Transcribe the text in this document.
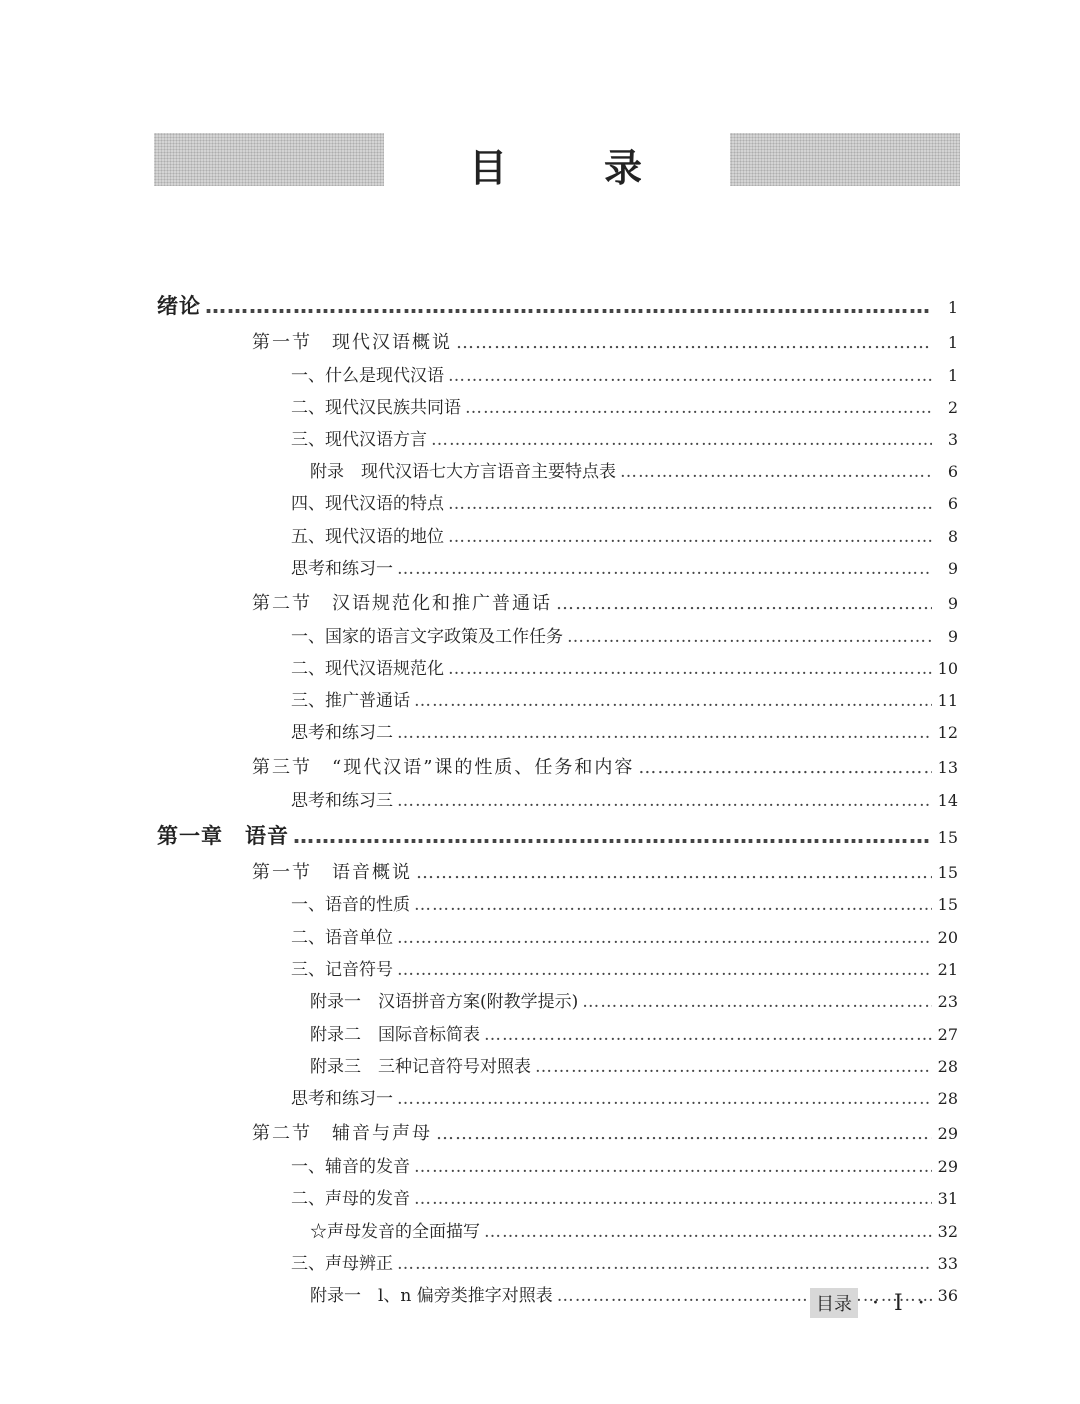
目	录
绪论 ………………………………………………………………………………………………………………………………………………………………………………………………	1
第一节　现代汉语概说 ………………………………………………………………………………………………………………………………………………………………………………………………	1
一、什么是现代汉语 ………………………………………………………………………………………………………………………………………………………………………………………………	1
二、现代汉民族共同语 ………………………………………………………………………………………………………………………………………………………………………………………………	2
三、现代汉语方言 ………………………………………………………………………………………………………………………………………………………………………………………………	3
附录　现代汉语七大方言语音主要特点表 ………………………………………………………………………………………………………………………………………………………………………………………………	6
四、现代汉语的特点 ………………………………………………………………………………………………………………………………………………………………………………………………	6
五、现代汉语的地位 ………………………………………………………………………………………………………………………………………………………………………………………………	8
思考和练习一 ………………………………………………………………………………………………………………………………………………………………………………………………	9
第二节　汉语规范化和推广普通话 ………………………………………………………………………………………………………………………………………………………………………………………………	9
一、国家的语言文字政策及工作任务 ………………………………………………………………………………………………………………………………………………………………………………………………	9
二、现代汉语规范化 ………………………………………………………………………………………………………………………………………………………………………………………………	10
三、推广普通话 ………………………………………………………………………………………………………………………………………………………………………………………………	11
思考和练习二 ………………………………………………………………………………………………………………………………………………………………………………………………	12
第三节　“现代汉语”课的性质、任务和内容 ………………………………………………………………………………………………………………………………………………………………………………………………	13
思考和练习三 ………………………………………………………………………………………………………………………………………………………………………………………………	14
第一章　语音 ………………………………………………………………………………………………………………………………………………………………………………………………	15
第一节　语音概说 ………………………………………………………………………………………………………………………………………………………………………………………………	15
一、语音的性质 ………………………………………………………………………………………………………………………………………………………………………………………………	15
二、语音单位 ………………………………………………………………………………………………………………………………………………………………………………………………	20
三、记音符号 ………………………………………………………………………………………………………………………………………………………………………………………………	21
附录一　汉语拼音方案(附教学提示) ………………………………………………………………………………………………………………………………………………………………………………………………	23
附录二　国际音标简表 ………………………………………………………………………………………………………………………………………………………………………………………………	27
附录三　三种记音符号对照表 ………………………………………………………………………………………………………………………………………………………………………………………………	28
思考和练习一 ………………………………………………………………………………………………………………………………………………………………………………………………	28
第二节　辅音与声母 ………………………………………………………………………………………………………………………………………………………………………………………………	29
一、辅音的发音 ………………………………………………………………………………………………………………………………………………………………………………………………	29
二、声母的发音 ………………………………………………………………………………………………………………………………………………………………………………………………	31
☆声母发音的全面描写 ………………………………………………………………………………………………………………………………………………………………………………………………	32
三、声母辨正 ………………………………………………………………………………………………………………………………………………………………………………………………	33
附录一　l、n 偏旁类推字对照表 ………………………………………………………………………………………………………………………………………………………………………………………………	36
目录 · I ·
